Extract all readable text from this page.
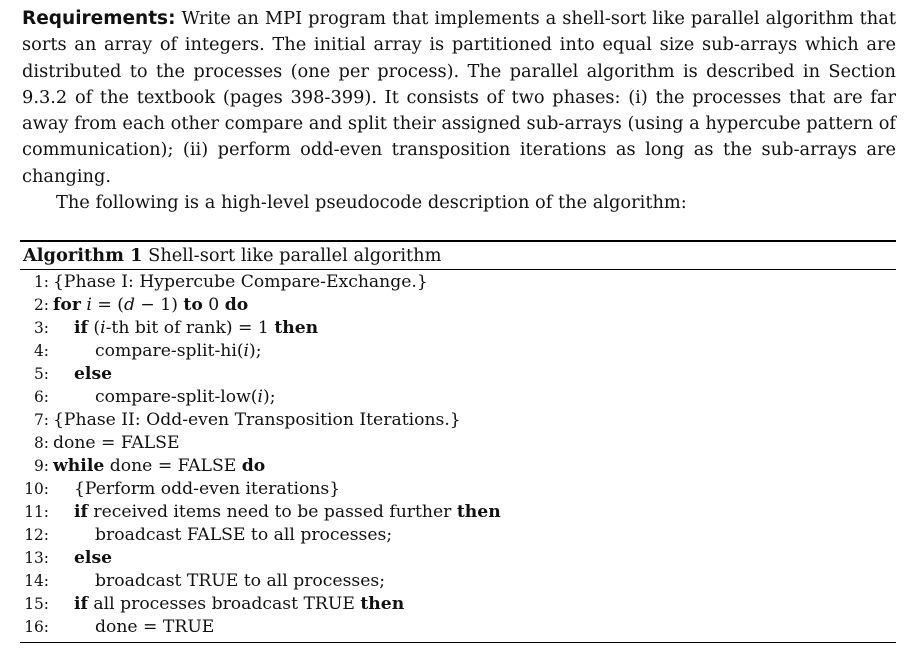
Requirements: Write an MPI program that implements a shell-sort like parallel algorithm that sorts an array of integers. The initial array is partitioned into equal size sub-arrays which are distributed to the processes (one per process). The parallel algorithm is described in Section 9.3.2 of the textbook (pages 398-399). It consists of two phases: (i) the processes that are far away from each other compare and split their assigned sub-arrays (using a hypercube pattern of communication); (ii) perform odd-even transposition iterations as long as the sub-arrays are changing.

The following is a high-level pseudocode description of the algorithm:

Algorithm 1 Shell-sort like parallel algorithm
1: {Phase I: Hypercube Compare-Exchange.}
2: for i = (d − 1) to 0 do
3:	if (i-th bit of rank) = 1 then
4:	compare-split-hi(i);
5:	else
6:	compare-split-low(i);
7: {Phase II: Odd-even Transposition Iterations.}
8: done = FALSE
9: while done = FALSE do
10:	{Perform odd-even iterations}
11:	if received items need to be passed further then
12:	broadcast FALSE to all processes;
13:	else
14:	broadcast TRUE to all processes;
15:	if all processes broadcast TRUE then
16:	done = TRUE
